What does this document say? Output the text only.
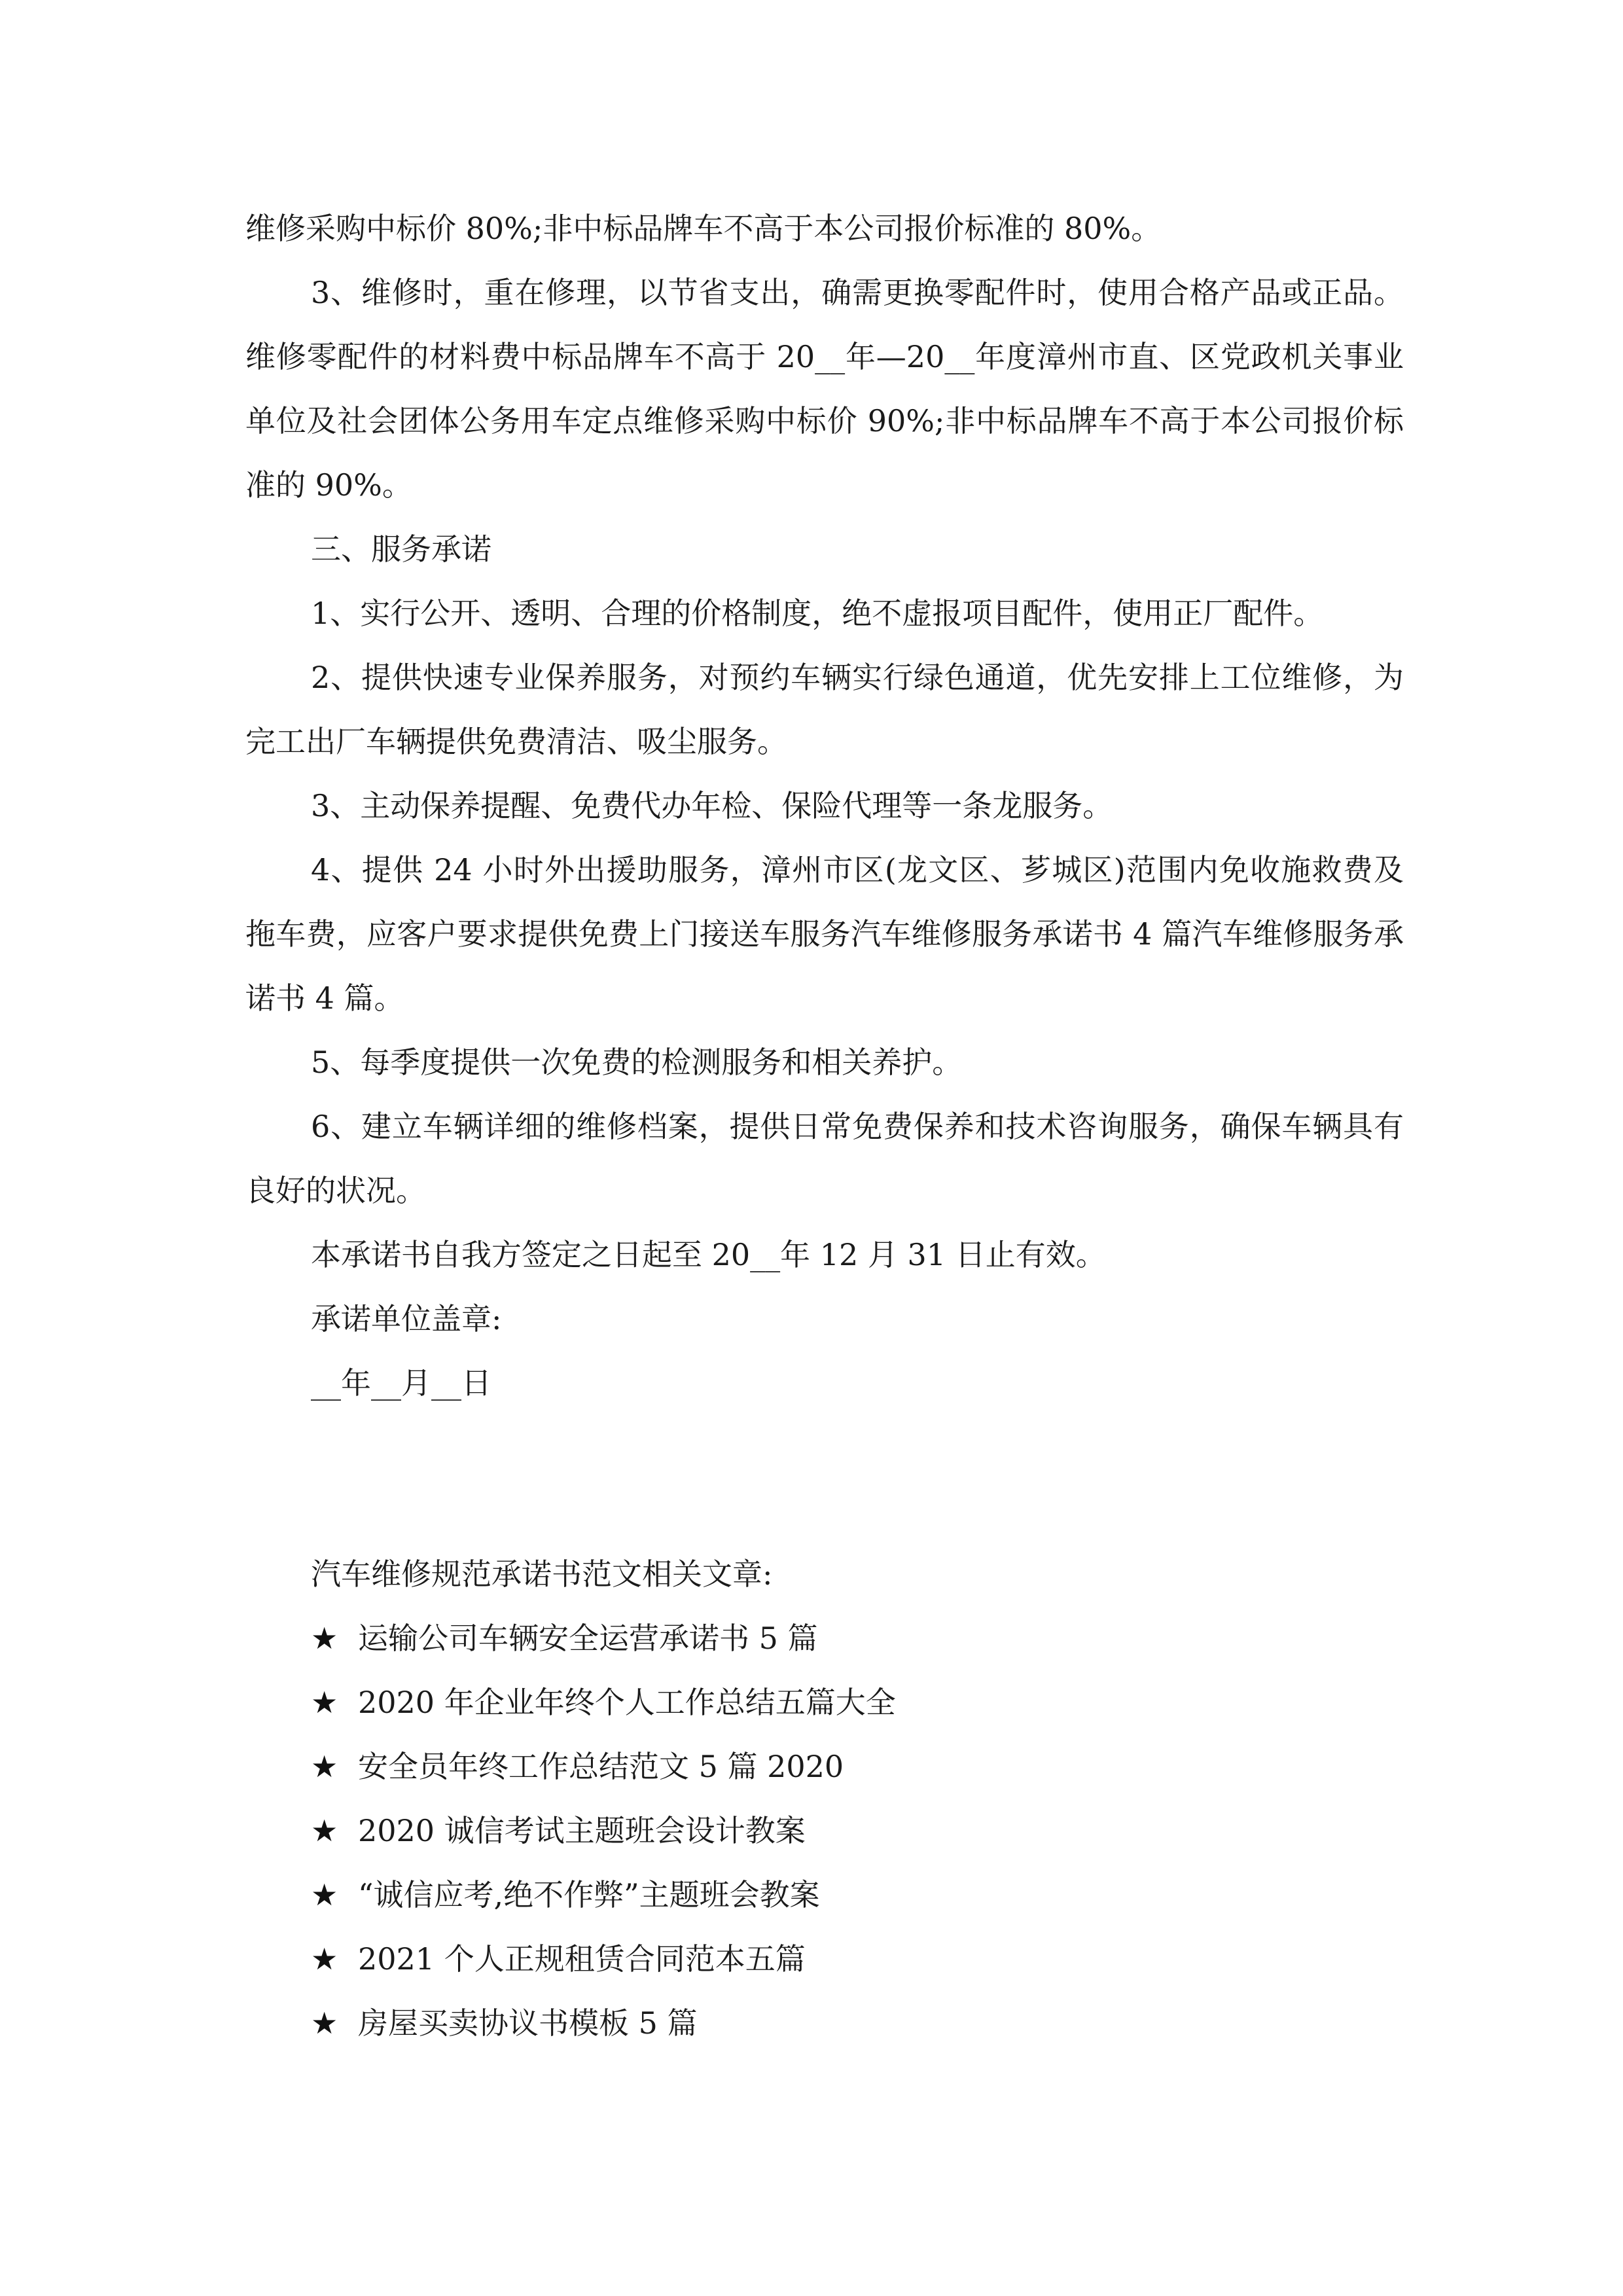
维修采购中标价 80%;非中标品牌车不高于本公司报价标准的 80%。

3、维修时，重在修理，以节省支出，确需更换零配件时，使用合格产品或正品。维修零配件的材料费中标品牌车不高于 20__年—20__年度漳州市直、区党政机关事业单位及社会团体公务用车定点维修采购中标价 90%;非中标品牌车不高于本公司报价标准的 90%。

三、服务承诺

1、实行公开、透明、合理的价格制度，绝不虚报项目配件，使用正厂配件。

2、提供快速专业保养服务，对预约车辆实行绿色通道，优先安排上工位维修，为完工出厂车辆提供免费清洁、吸尘服务。

3、主动保养提醒、免费代办年检、保险代理等一条龙服务。

4、提供 24 小时外出援助服务，漳州市区(龙文区、芗城区)范围内免收施救费及拖车费，应客户要求提供免费上门接送车服务汽车维修服务承诺书 4 篇汽车维修服务承诺书 4 篇。

5、每季度提供一次免费的检测服务和相关养护。

6、建立车辆详细的维修档案，提供日常免费保养和技术咨询服务，确保车辆具有良好的状况。

本承诺书自我方签定之日起至 20__年 12 月 31 日止有效。

承诺单位盖章:

__年__月__日

汽车维修规范承诺书范文相关文章:

★ 运输公司车辆安全运营承诺书 5 篇
★ 2020 年企业年终个人工作总结五篇大全
★ 安全员年终工作总结范文 5 篇 2020
★ 2020 诚信考试主题班会设计教案
★ “诚信应考,绝不作弊”主题班会教案
★ 2021 个人正规租赁合同范本五篇
★ 房屋买卖协议书模板 5 篇
